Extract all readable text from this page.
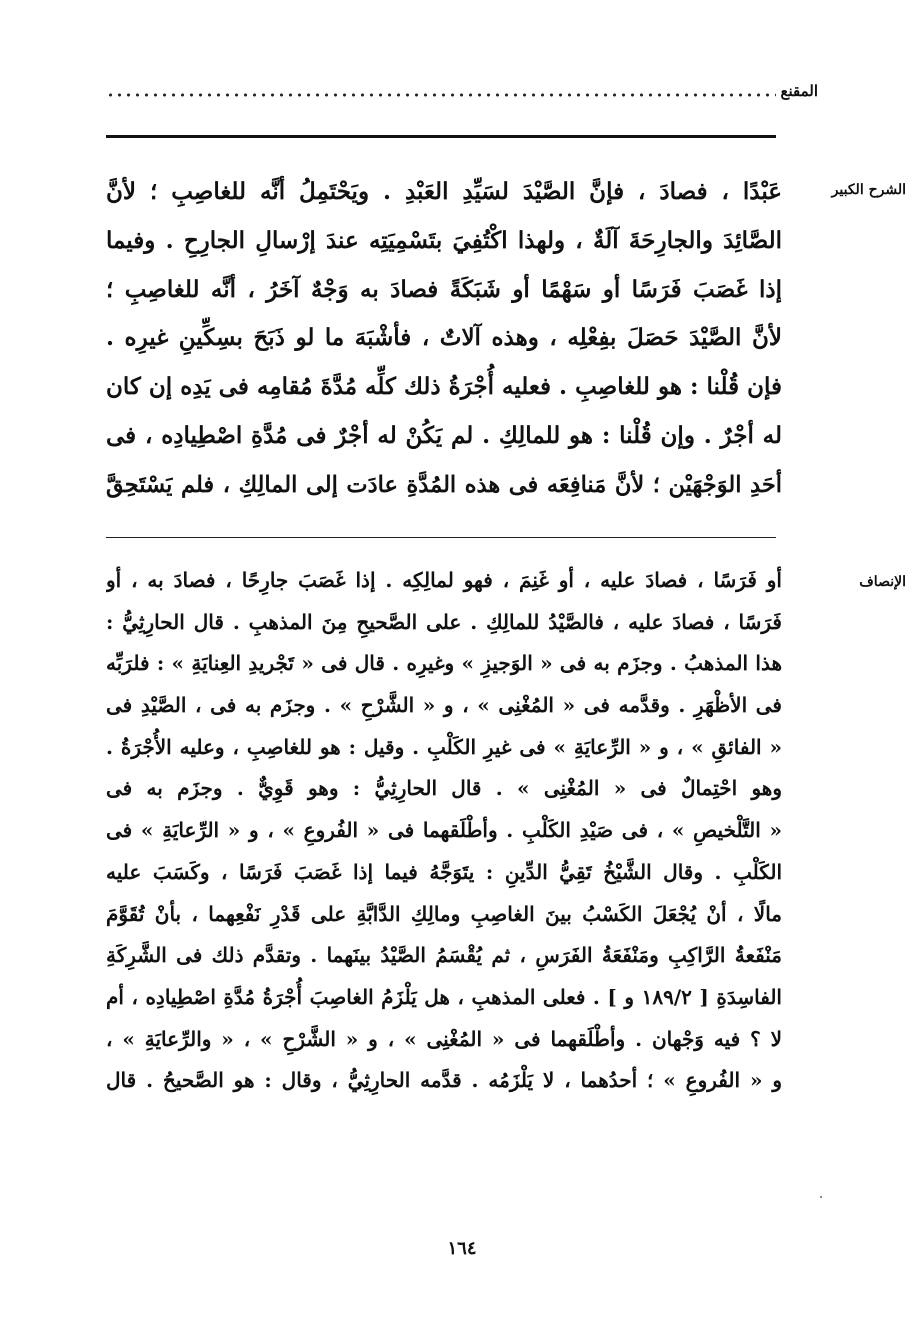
المقنع
الشرح الكبير
عَبْدًا ، فصادَ ، فإنَّ الصَّيْدَ لسَيِّدِ العَبْدِ . ويَحْتَمِلُ أنَّه للغاصِبِ ؛ لأنَّ
الصَّائِدَ والجارِحَةَ آلَةٌ ، ولهذا اكْتُفِيَ بتَسْمِيَتِه عندَ إرْسالِ الجارِحِ . وفيما
إذا غَصَبَ فَرَسًا أو سَهْمًا أو شَبَكَةً فصادَ به وَجْهٌ آخَرُ ، أنَّه للغاصِبِ ؛
لأنَّ الصَّيْدَ حَصَلَ بفِعْلِه ، وهذه آلاتٌ ، فأشْبَهَ ما لو ذَبَحَ بسِكِّينِ غيرِه .
فإن قُلْنا : هو للغاصِبِ . فعليه أُجْرَةُ ذلك كلِّه مُدَّةَ مُقامِه فى يَدِه إن كان
له أجْرٌ . وإن قُلْنا : هو للمالِكِ . لم يَكُنْ له أجْرٌ فى مُدَّةِ اصْطِيادِه ، فى
أحَدِ الوَجْهَيْن ؛ لأنَّ مَنافِعَه فى هذه المُدَّةِ عادَت إلى المالِكِ ، فلم يَسْتَحِقَّ
الإنصاف
أو فَرَسًا ، فصادَ عليه ، أو غَنِمَ ، فهو لمالِكِه . إذا غَصَبَ جارِحًا ، فصادَ به ، أو
فَرَسًا ، فصادَ عليه ، فالصَّيْدُ للمالِكِ . على الصَّحيحِ مِنَ المذهبِ . قال الحارِثِيُّ :
هذا المذهبُ . وجزَم به فى « الوَجيزِ » وغيرِه . قال فى « تَجْريدِ العِنايَةِ » : فلرَبِّه
فى الأظْهَرِ . وقدَّمه فى « المُغْنِى » ، و « الشَّرْحِ » . وجزَم به فى ، الصَّيْدِ فى
« الفائقِ » ، و « الرِّعايَةِ » فى غيرِ الكَلْبِ . وقيل : هو للغاصِبِ ، وعليه الأُجْرَةُ .
وهو احْتِمالٌ فى « المُغْنِى » . قال الحارِثِيُّ : وهو قَوِيٌّ . وجزَم به فى
« التَّلْخيصِ » ، فى صَيْدِ الكَلْبِ . وأطْلَقهما فى « الفُروعِ » ، و « الرِّعايَةِ » فى
الكَلْبِ . وقال الشَّيْخُ تَقِيُّ الدِّينِ : يتَوَجَّهُ فيما إذا غَصَبَ فَرَسًا ، وكَسَبَ عليه
مالًا ، أنْ يُجْعَلَ الكَسْبُ بينَ الغاصِبِ ومالِكِ الدَّابَّةِ على قَدْرِ نَفْعِهما ، بأنْ تُقَوَّمَ
مَنْفَعةُ الرَّاكِبِ ومَنْفَعَةُ الفَرَسِ ، ثم يُقْسَمُ الصَّيْدُ بينَهما . وتقدَّم ذلك فى الشَّرِكَةِ
الفاسِدَةِ [ ١٨٩/٢ و ] . فعلى المذهبِ ، هل يَلْزَمُ الغاصِبَ أُجْرَةُ مُدَّةِ اصْطِيادِه ، أم
لا ؟ فيه وَجْهان . وأطْلَقهما فى « المُغْنِى » ، و « الشَّرْحِ » ، « والرِّعايَةِ » ،
و « الفُروعِ » ؛ أحدُهما ، لا يَلْزَمُه . قدَّمه الحارِثِيُّ ، وقال : هو الصَّحيحُ . قال
١٦٤
